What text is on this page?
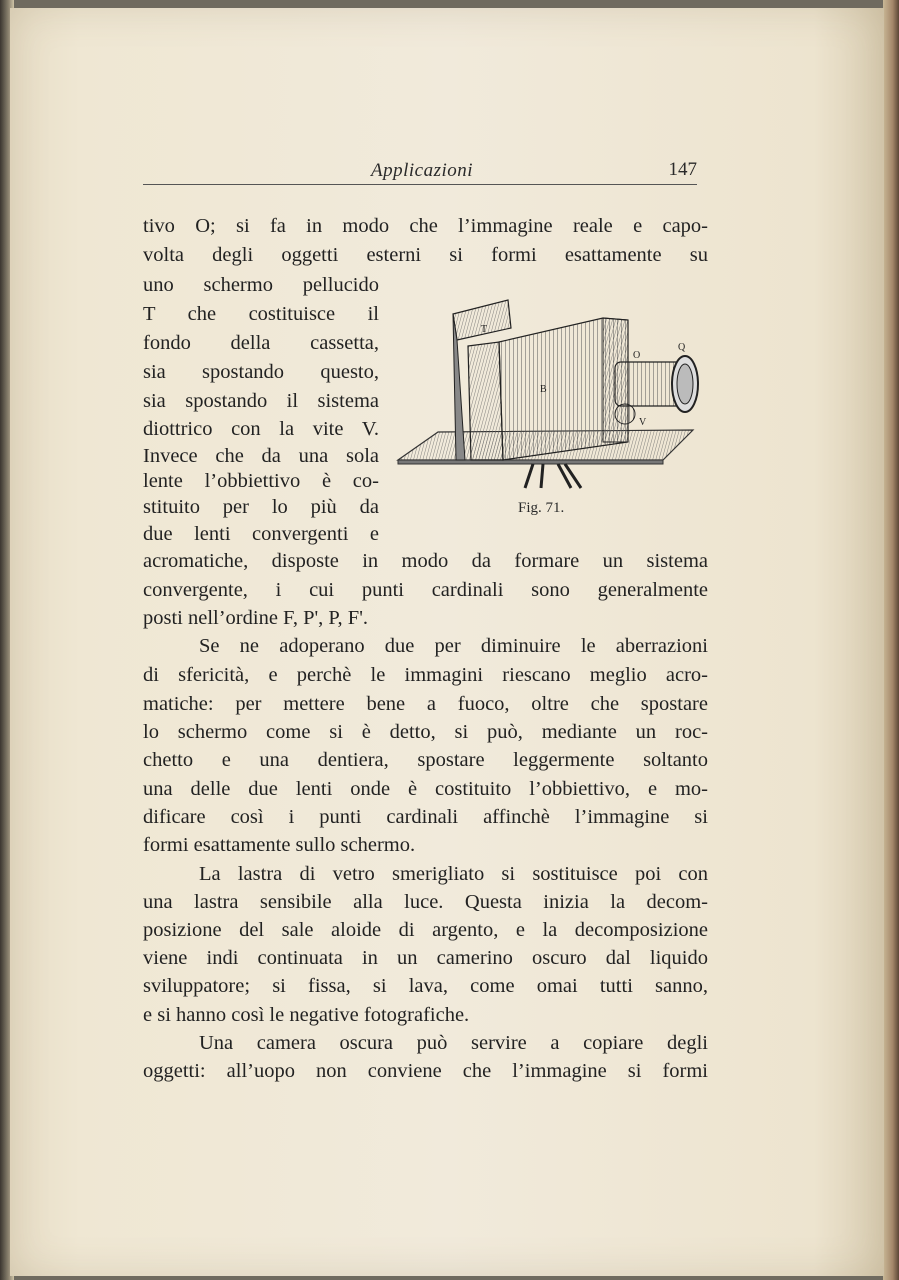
Applicazioni	147
tivo O; si fa in modo che l’immagine reale e capo-
volta degli oggetti esterni si formi esattamente su
uno schermo pellucido
T che costituisce il
fondo della cassetta,
sia spostando questo,
sia spostando il sistema
diottrico con la vite V.
Invece che da una sola
lente l’obbiettivo è co-
stituito per lo più da
due lenti convergenti e
acromatiche, disposte in modo da formare un sistema
convergente, i cui punti cardinali sono generalmente
posti nell’ordine F, P', P, F'.
Se ne adoperano due per diminuire le aberrazioni
di sfericità, e perchè le immagini riescano meglio acro-
matiche: per mettere bene a fuoco, oltre che spostare
lo schermo come si è detto, si può, mediante un roc-
chetto e una dentiera, spostare leggermente soltanto
una delle due lenti onde è costituito l’obbiettivo, e mo-
dificare così i punti cardinali affinchè l’immagine si
formi esattamente sullo schermo.
La lastra di vetro smerigliato si sostituisce poi con
una lastra sensibile alla luce. Questa inizia la decom-
posizione del sale aloide di argento, e la decomposizione
viene indi continuata in un camerino oscuro dal liquido
sviluppatore; si fissa, si lava, come omai tutti sanno,
e si hanno così le negative fotografiche.
Una camera oscura può servire a copiare degli
oggetti: all’uopo non conviene che l’immagine si formi
T
B
O
Q
V
Fig. 71.
